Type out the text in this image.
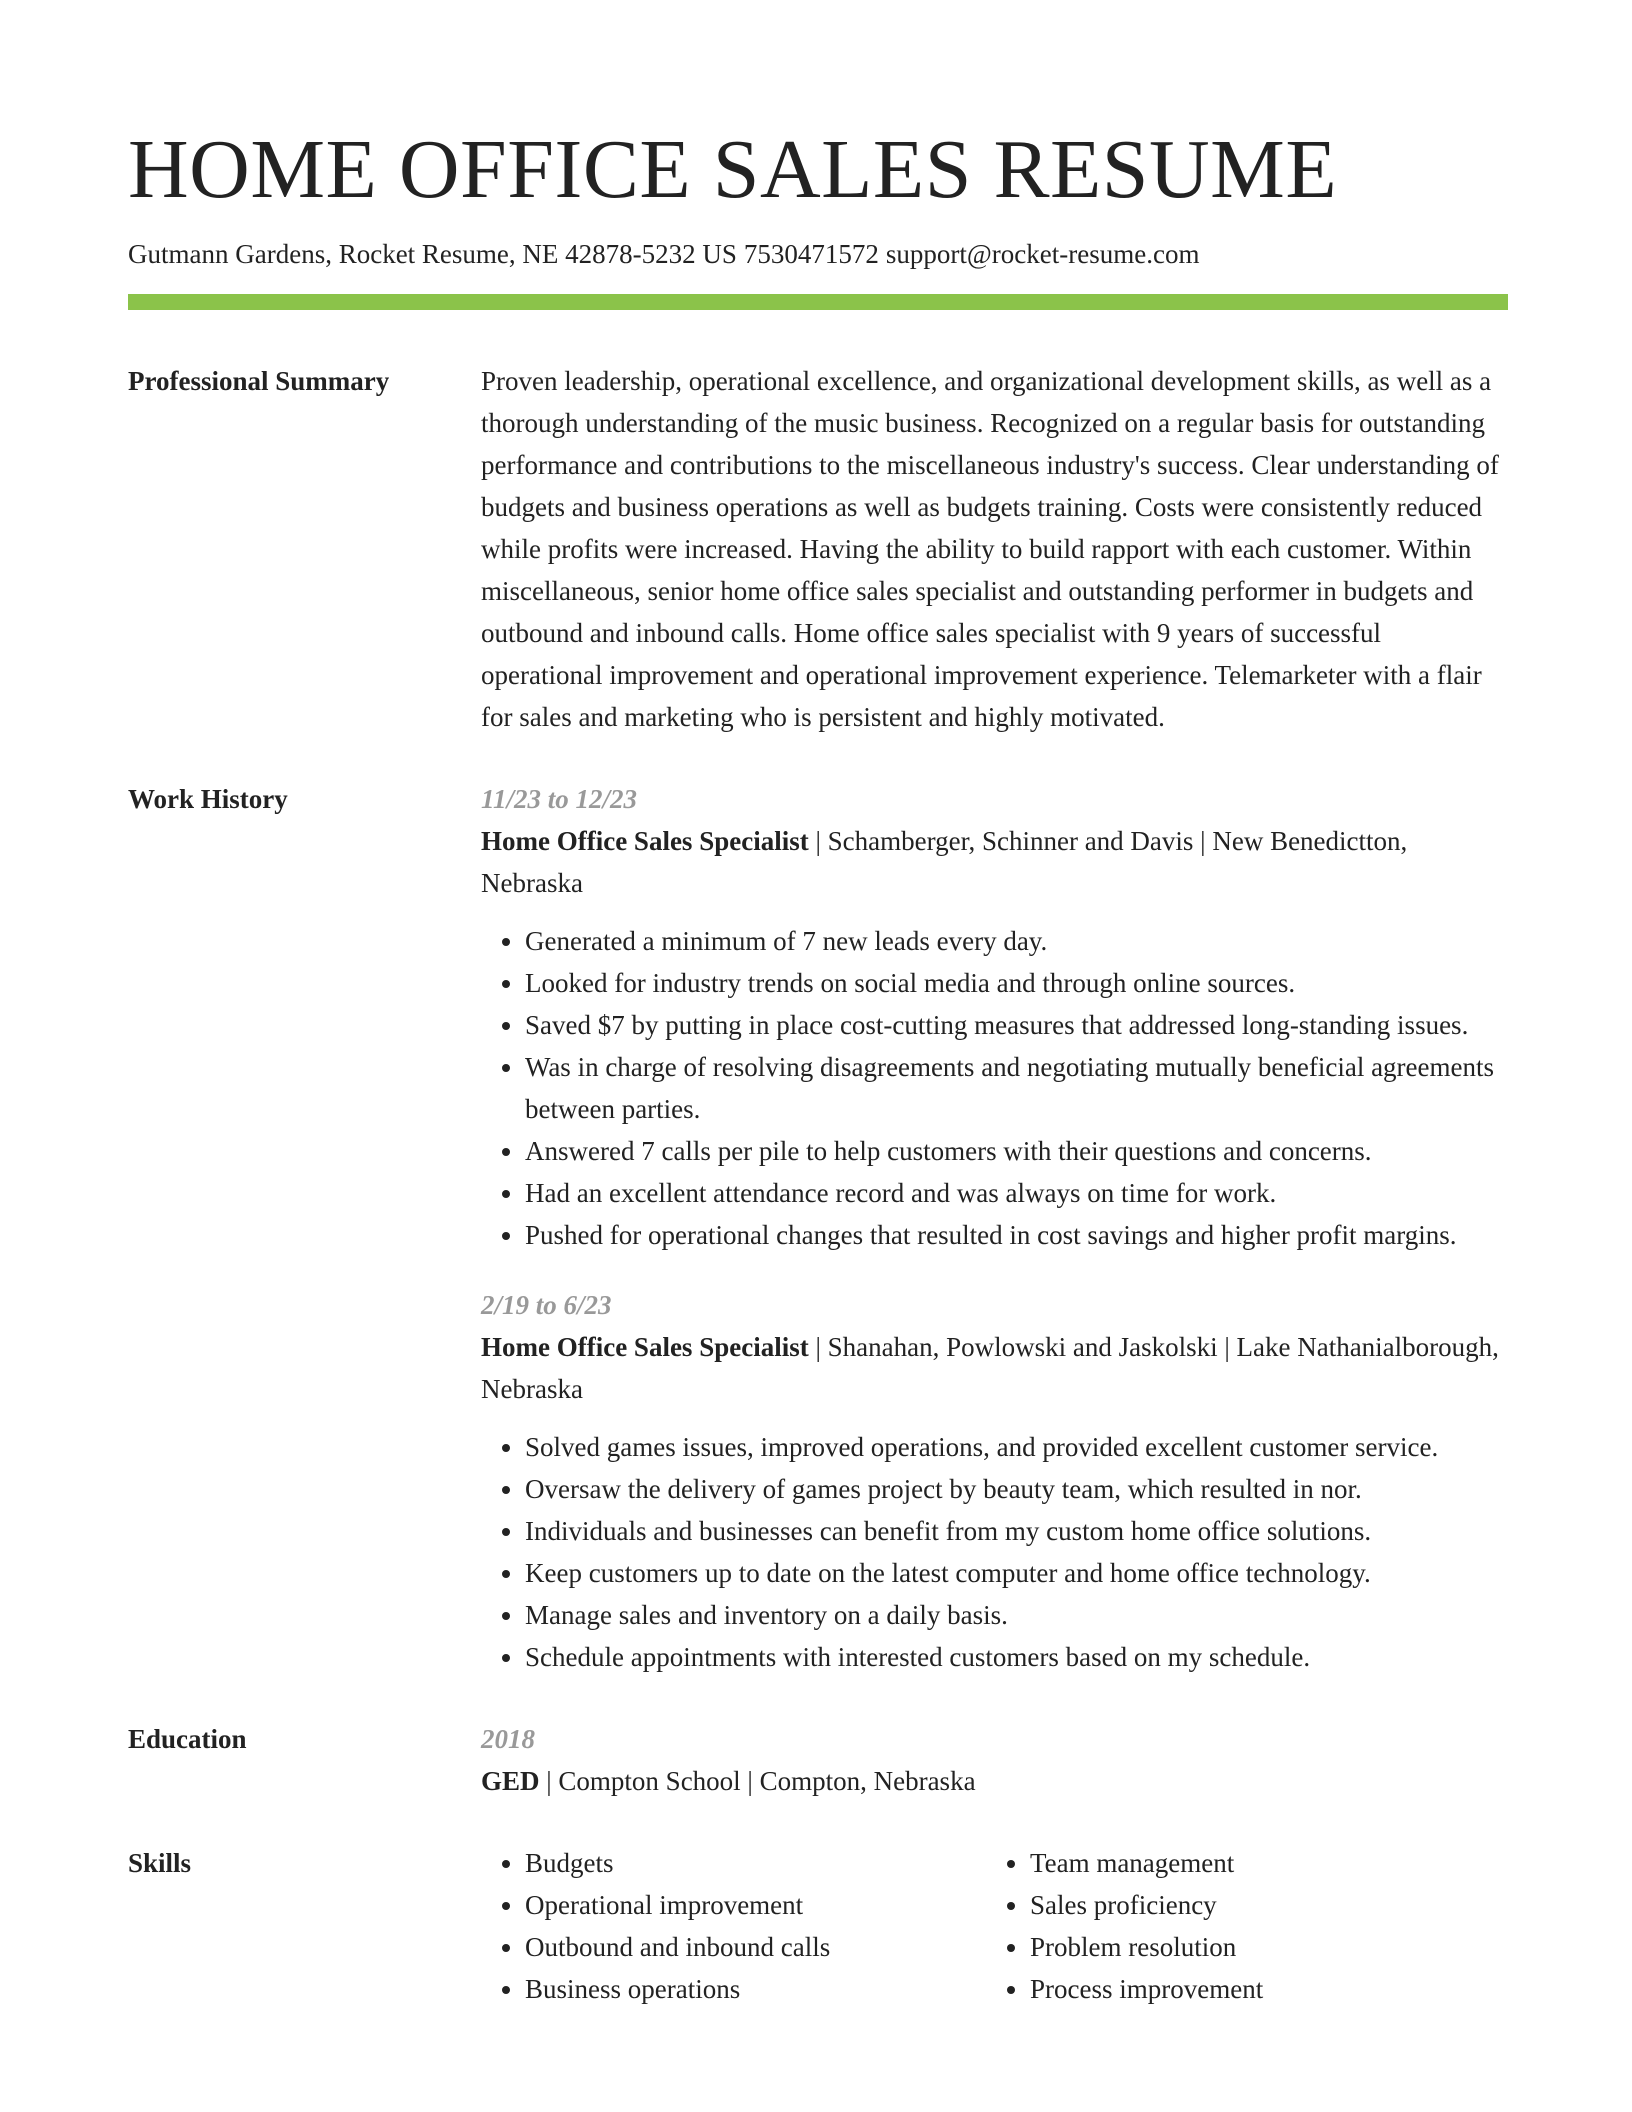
HOME OFFICE SALES RESUME
Gutmann Gardens, Rocket Resume, NE 42878-5232 US 7530471572 support@rocket-resume.com
Professional Summary	Proven leadership, operational excellence, and organizational development skills, as well as a thorough understanding of the music business. Recognized on a regular basis for outstanding performance and contributions to the miscellaneous industry's success. Clear understanding of budgets and business operations as well as budgets training. Costs were consistently reduced while profits were increased. Having the ability to build rapport with each customer. Within miscellaneous, senior home office sales specialist and outstanding performer in budgets and outbound and inbound calls. Home office sales specialist with 9 years of successful operational improvement and operational improvement experience. Telemarketer with a flair for sales and marketing who is persistent and highly motivated.

Work History	11/23 to 12/23
Home Office Sales Specialist | Schamberger, Schinner and Davis | New Benedictton, Nebraska
• Generated a minimum of 7 new leads every day.
• Looked for industry trends on social media and through online sources.
• Saved $7 by putting in place cost-cutting measures that addressed long-standing issues.
• Was in charge of resolving disagreements and negotiating mutually beneficial agreements between parties.
• Answered 7 calls per pile to help customers with their questions and concerns.
• Had an excellent attendance record and was always on time for work.
• Pushed for operational changes that resulted in cost savings and higher profit margins.
2/19 to 6/23
Home Office Sales Specialist | Shanahan, Powlowski and Jaskolski | Lake Nathanialborough, Nebraska
• Solved games issues, improved operations, and provided excellent customer service.
• Oversaw the delivery of games project by beauty team, which resulted in nor.
• Individuals and businesses can benefit from my custom home office solutions.
• Keep customers up to date on the latest computer and home office technology.
• Manage sales and inventory on a daily basis.
• Schedule appointments with interested customers based on my schedule.
Education	2018
GED | Compton School | Compton, Nebraska
Skills
•	Budgets
• Operational improvement
• Outbound and inbound calls
• Business operations
• Team management
• Sales proficiency
• Problem resolution
• Process improvement
